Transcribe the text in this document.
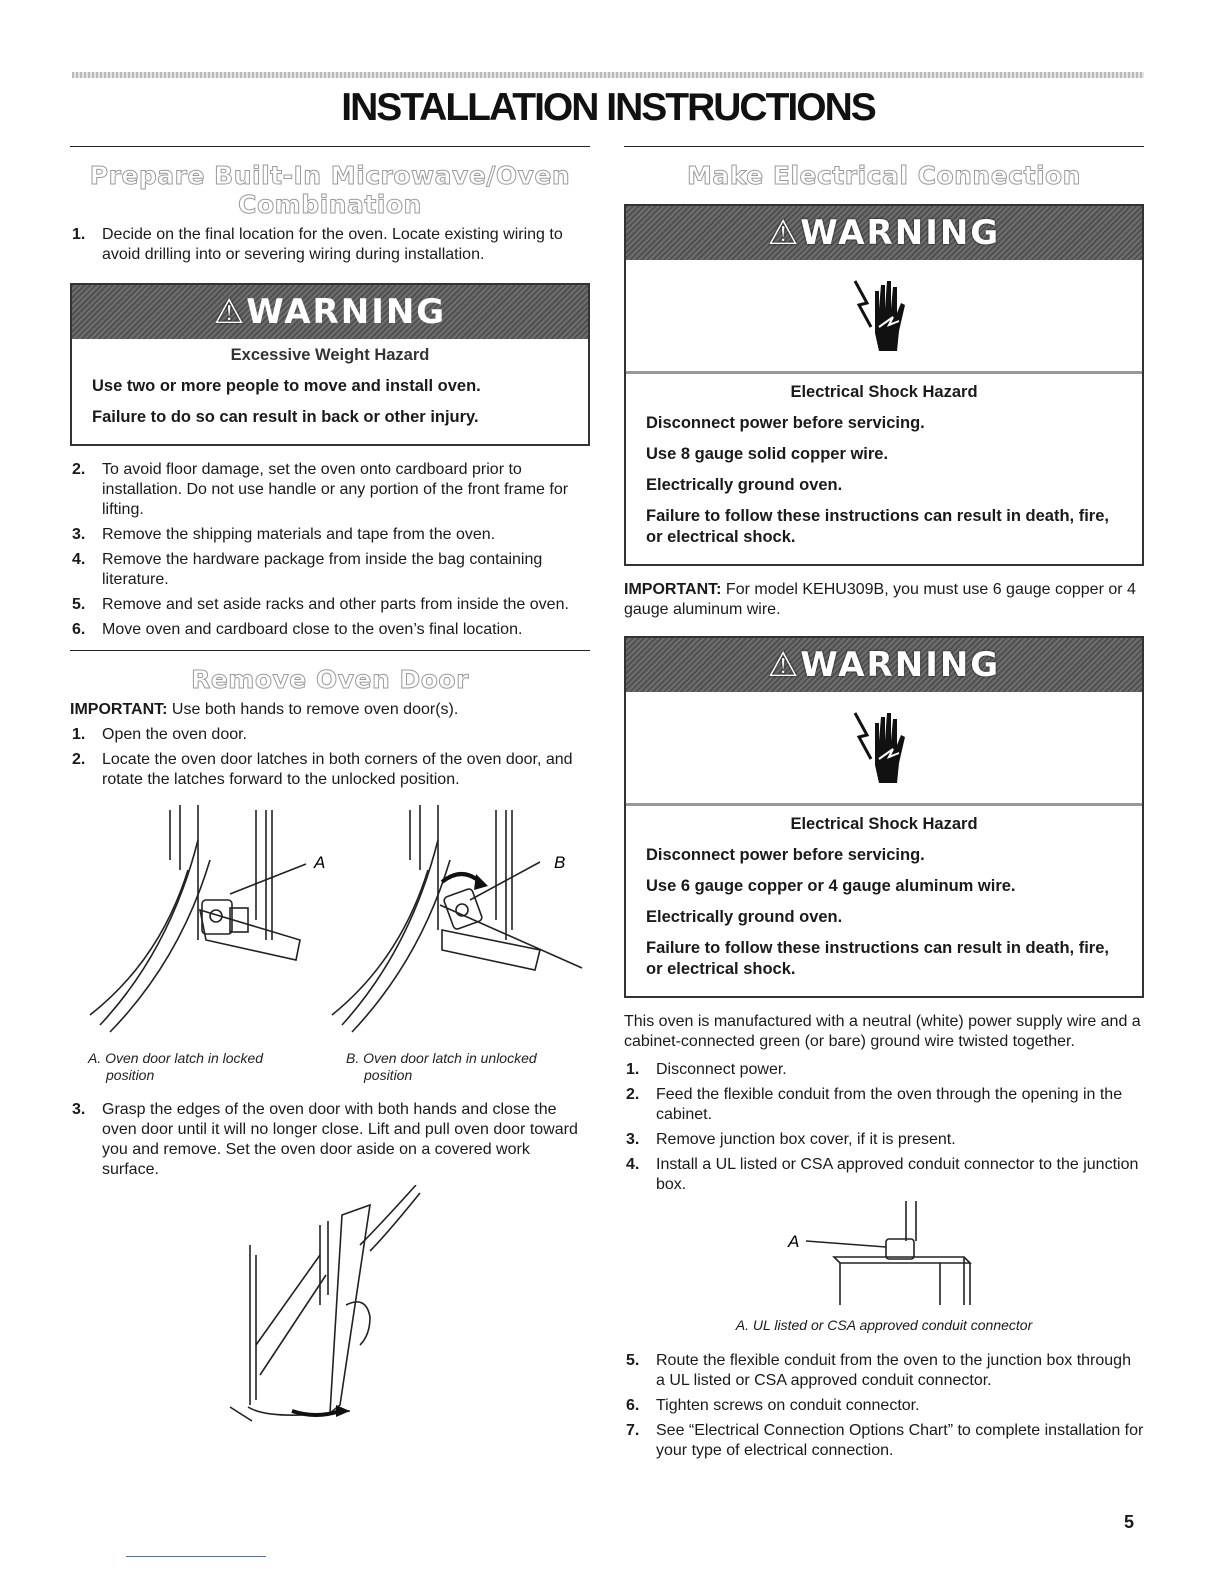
INSTALLATION INSTRUCTIONS
Prepare Built-In Microwave/Oven Combination
1. Decide on the final location for the oven. Locate existing wiring to avoid drilling into or severing wiring during installation.
⚠WARNING
Excessive Weight Hazard

Use two or more people to move and install oven.

Failure to do so can result in back or other injury.

2. To avoid floor damage, set the oven onto cardboard prior to installation. Do not use handle or any portion of the front frame for lifting.
3. Remove the shipping materials and tape from the oven.
4. Remove the hardware package from inside the bag containing literature.
5. Remove and set aside racks and other parts from inside the oven.
6. Move oven and cardboard close to the oven’s final location.
Remove Oven Door

IMPORTANT: Use both hands to remove oven door(s).

1. Open the oven door.
2. Locate the oven door latches in both corners of the oven door, and rotate the latches forward to the unlocked position.
A	B
A. Oven door latch in locked
position
B. Oven door latch in unlocked
position
3. Grasp the edges of the oven door with both hands and close the oven door until it will no longer close. Lift and pull oven door toward you and remove. Set the oven door aside on a covered work surface.
Make Electrical Connection
⚠WARNING
Electrical Shock Hazard

Disconnect power before servicing.

Use 8 gauge solid copper wire.

Electrically ground oven.

Failure to follow these instructions can result in death, fire, or electrical shock.

IMPORTANT: For model KEHU309B, you must use 6 gauge copper or 4 gauge aluminum wire.

⚠WARNING
Electrical Shock Hazard

Disconnect power before servicing.

Use 6 gauge copper or 4 gauge aluminum wire.

Electrically ground oven.

Failure to follow these instructions can result in death, fire, or electrical shock.

This oven is manufactured with a neutral (white) power supply wire and a cabinet-connected green (or bare) ground wire twisted together.

1. Disconnect power.
2. Feed the flexible conduit from the oven through the opening in the cabinet.
3. Remove junction box cover, if it is present.
4. Install a UL listed or CSA approved conduit connector to the junction box.
A
A. UL listed or CSA approved conduit connector
5. Route the flexible conduit from the oven to the junction box through a UL listed or CSA approved conduit connector.
6. Tighten screws on conduit connector.
7. See “Electrical Connection Options Chart” to complete installation for your type of electrical connection.
5
